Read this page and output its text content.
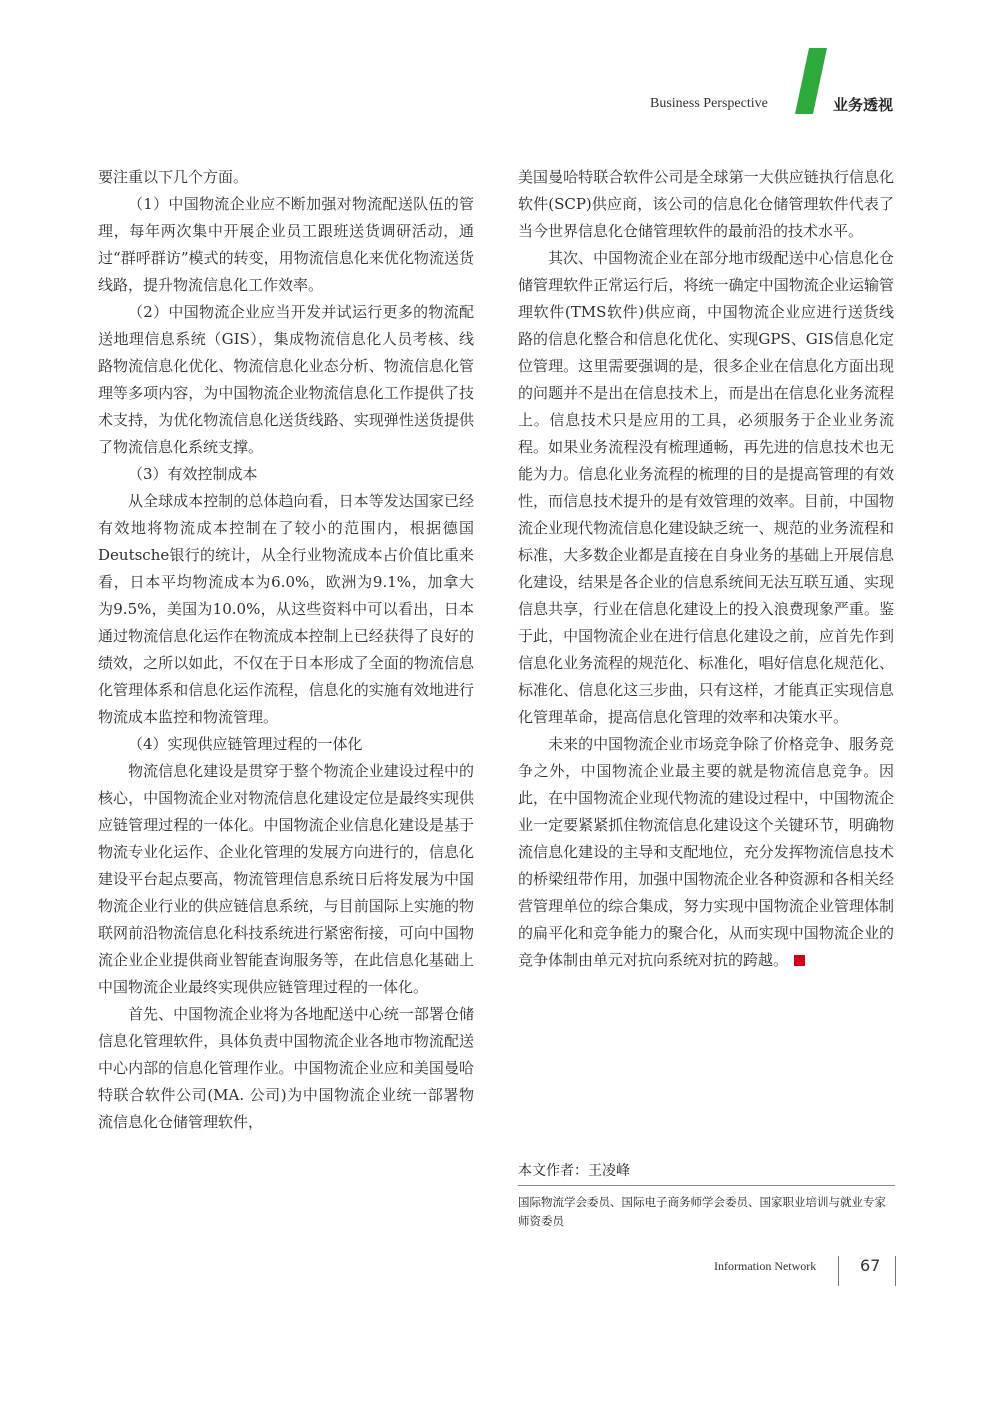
Business Perspective	业务透视

要注重以下几个方面。

（1）中国物流企业应不断加强对物流配送队伍的管理，每年两次集中开展企业员工跟班送货调研活动，通过“群呼群访”模式的转变，用物流信息化来优化物流送货线路，提升物流信息化工作效率。

（2）中国物流企业应当开发并试运行更多的物流配送地理信息系统（GIS），集成物流信息化人员考核、线路物流信息化优化、物流信息化业态分析、物流信息化管理等多项内容，为中国物流企业物流信息化工作提供了技术支持，为优化物流信息化送货线路、实现弹性送货提供了物流信息化系统支撑。

（3）有效控制成本

从全球成本控制的总体趋向看，日本等发达国家已经有效地将物流成本控制在了较小的范围内，根据德国Deutsche银行的统计，从全行业物流成本占价值比重来看，日本平均物流成本为6.0%，欧洲为9.1%，加拿大为9.5%，美国为10.0%，从这些资料中可以看出，日本通过物流信息化运作在物流成本控制上已经获得了良好的绩效，之所以如此，不仅在于日本形成了全面的物流信息化管理体系和信息化运作流程，信息化的实施有效地进行物流成本监控和物流管理。

（4）实现供应链管理过程的一体化

物流信息化建设是贯穿于整个物流企业建设过程中的核心，中国物流企业对物流信息化建设定位是最终实现供应链管理过程的一体化。中国物流企业信息化建设是基于物流专业化运作、企业化管理的发展方向进行的，信息化建设平台起点要高，物流管理信息系统日后将发展为中国物流企业行业的供应链信息系统，与目前国际上实施的物联网前沿物流信息化科技系统进行紧密衔接，可向中国物流企业企业提供商业智能查询服务等，在此信息化基础上中国物流企业最终实现供应链管理过程的一体化。

首先、中国物流企业将为各地配送中心统一部署仓储信息化管理软件，具体负责中国物流企业各地市物流配送中心内部的信息化管理作业。中国物流企业应和美国曼哈特联合软件公司(MA. 公司)为中国物流企业统一部署物流信息化仓储管理软件，

美国曼哈特联合软件公司是全球第一大供应链执行信息化软件(SCP)供应商，该公司的信息化仓储管理软件代表了当今世界信息化仓储管理软件的最前沿的技术水平。

其次、中国物流企业在部分地市级配送中心信息化仓储管理软件正常运行后，将统一确定中国物流企业运输管理软件(TMS软件)供应商，中国物流企业应进行送货线路的信息化整合和信息化优化、实现GPS、GIS信息化定位管理。这里需要强调的是，很多企业在信息化方面出现的问题并不是出在信息技术上，而是出在信息化业务流程上。信息技术只是应用的工具，必须服务于企业业务流程。如果业务流程没有梳理通畅，再先进的信息技术也无能为力。信息化业务流程的梳理的目的是提高管理的有效性，而信息技术提升的是有效管理的效率。目前，中国物流企业现代物流信息化建设缺乏统一、规范的业务流程和标准，大多数企业都是直接在自身业务的基础上开展信息化建设，结果是各企业的信息系统间无法互联互通、实现信息共享，行业在信息化建设上的投入浪费现象严重。鉴于此，中国物流企业在进行信息化建设之前，应首先作到信息化业务流程的规范化、标准化，唱好信息化规范化、标准化、信息化这三步曲，只有这样，才能真正实现信息化管理革命，提高信息化管理的效率和决策水平。

未来的中国物流企业市场竞争除了价格竞争、服务竞争之外，中国物流企业最主要的就是物流信息竞争。因此，在中国物流企业现代物流的建设过程中，中国物流企业一定要紧紧抓住物流信息化建设这个关键环节，明确物流信息化建设的主导和支配地位，充分发挥物流信息技术的桥梁纽带作用，加强中国物流企业各种资源和各相关经营管理单位的综合集成，努力实现中国物流企业管理体制的扁平化和竞争能力的聚合化，从而实现中国物流企业的竞争体制由单元对抗向系统对抗的跨越。

本文作者：王凌峰
国际物流学会委员、国际电子商务师学会委员、国家职业培训与就业专家师资委员
Information Network	67
